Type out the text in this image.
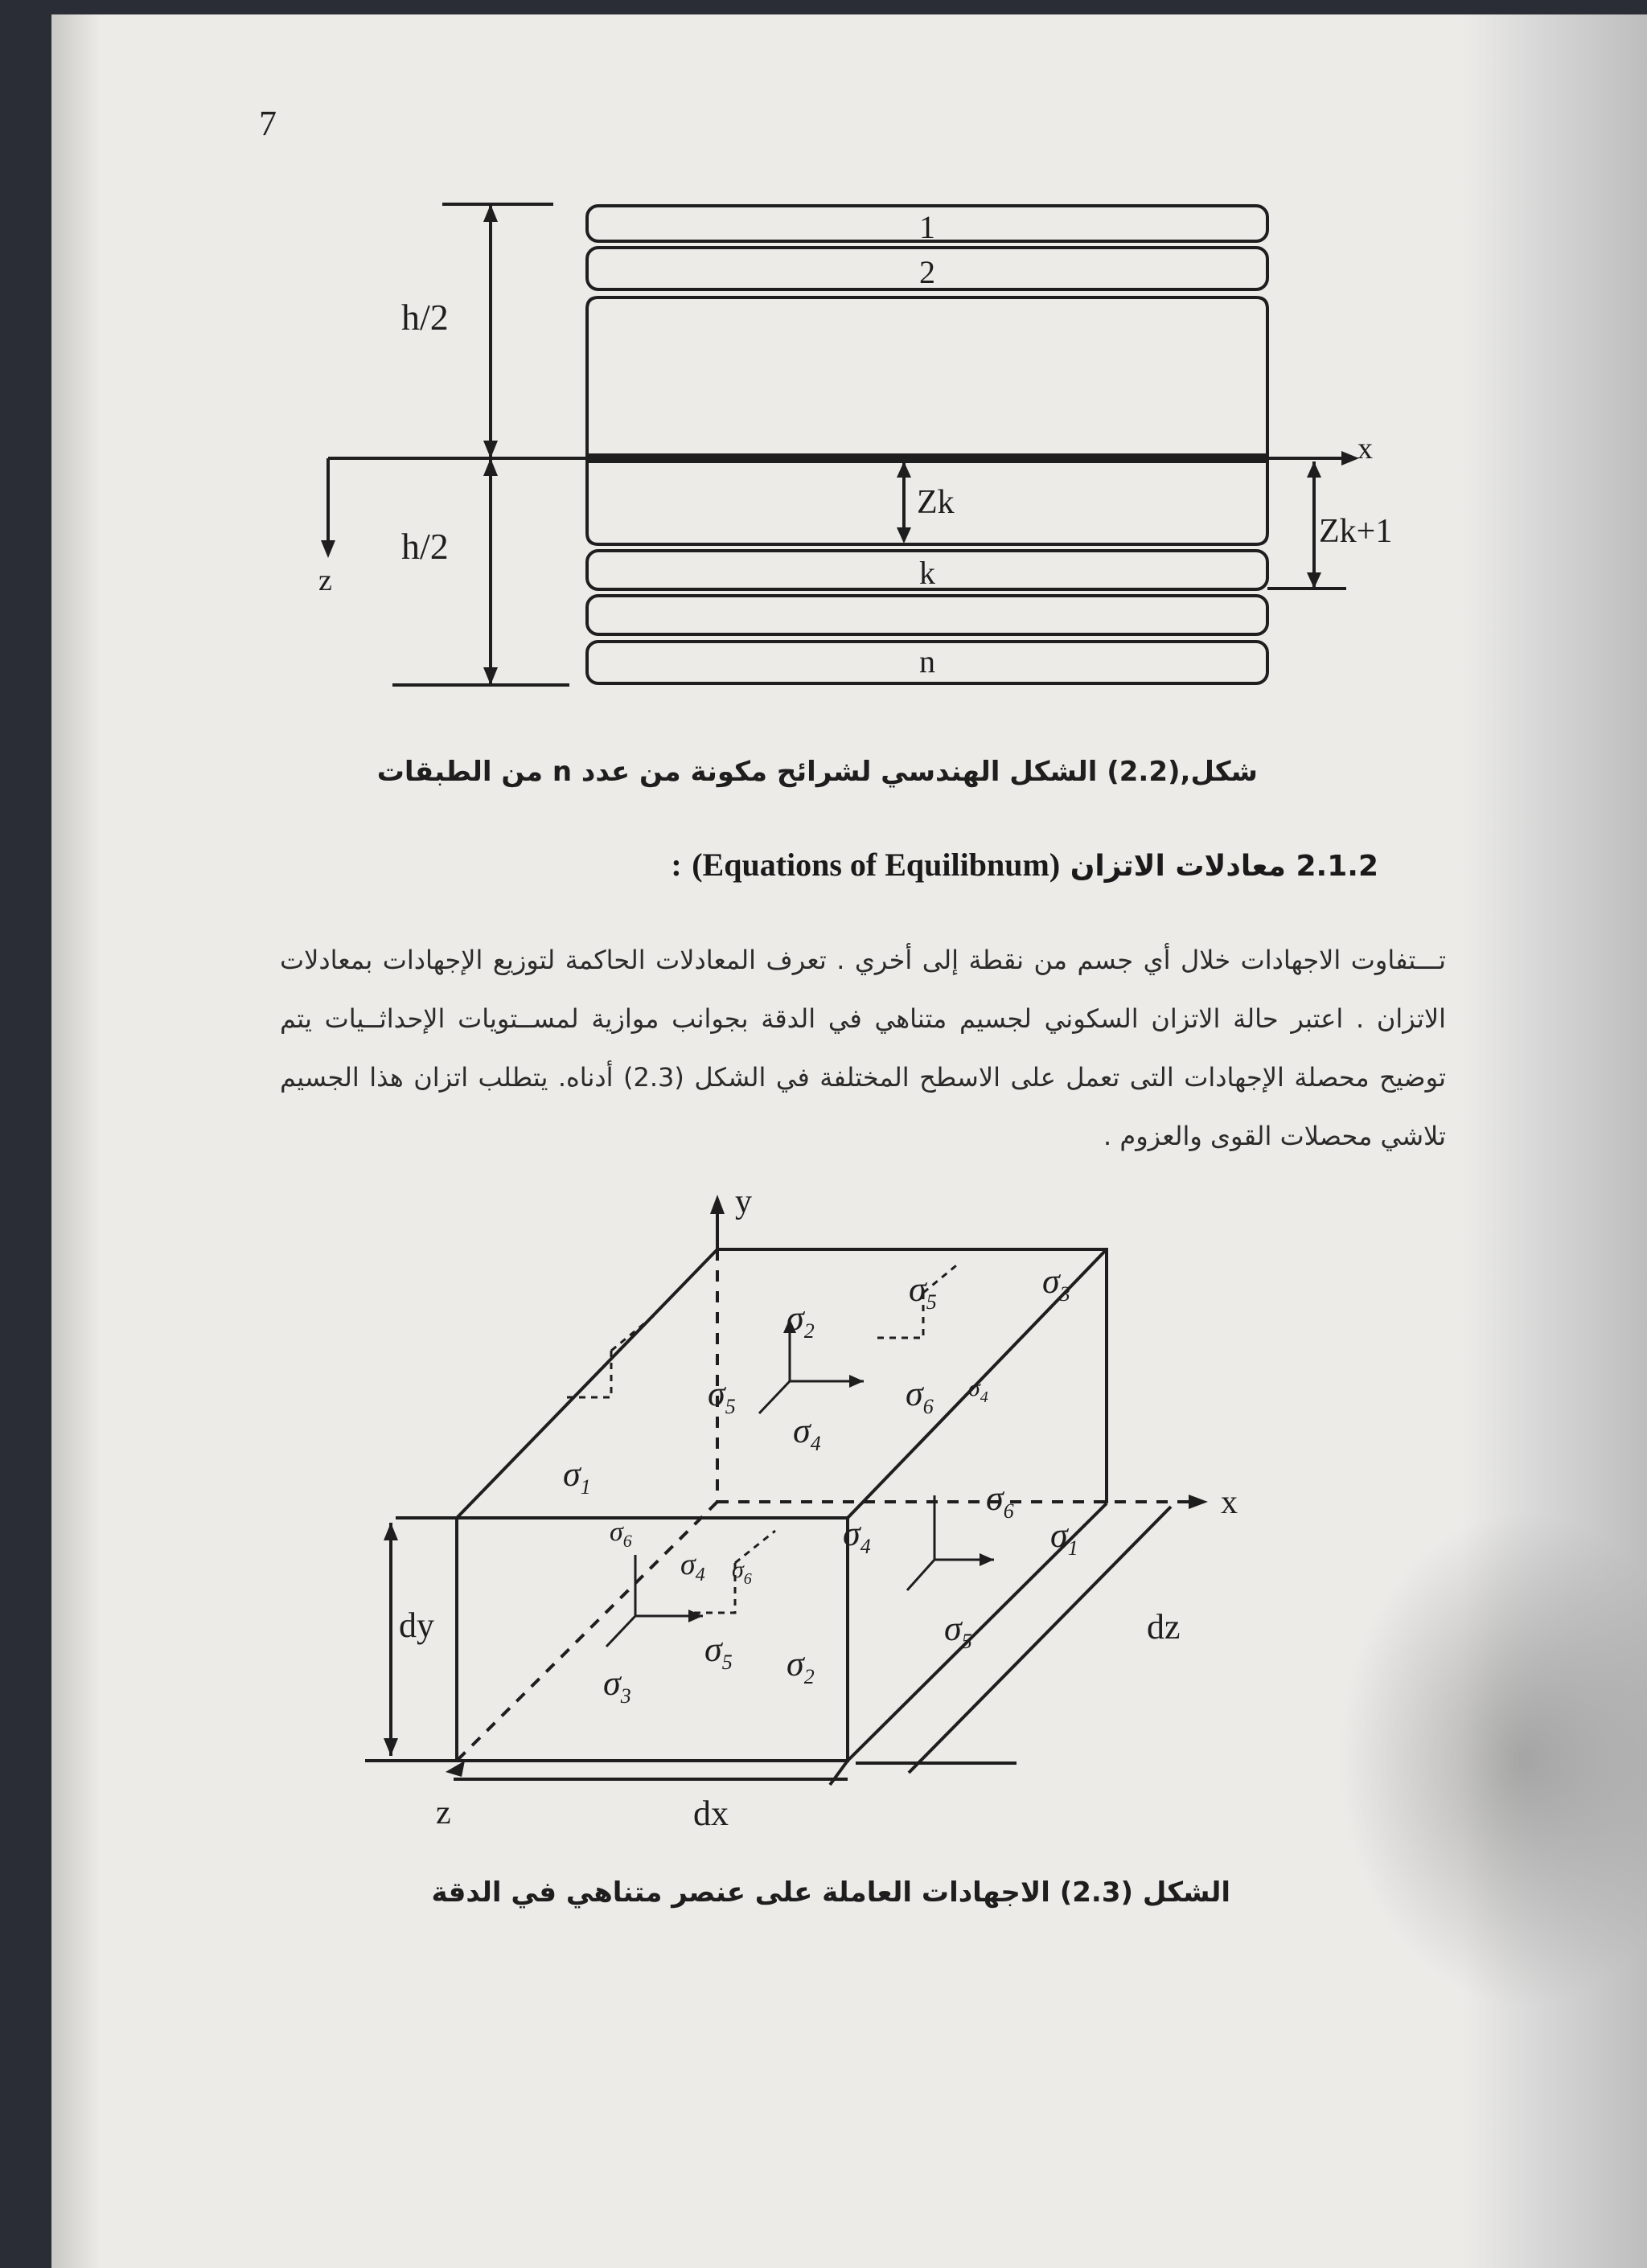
7
1
2
k
n
h/2
h/2
x
z
Zk
Zk+1
شكل,(2.2) الشكل الهندسي لشرائح مكونة من عدد n من الطبقات
2.1.2 معادلات الاتزان (Equations of Equilibnum) :
تـــتفاوت الاجهادات خلال أي جسم من نقطة إلى أخري . تعرف المعادلات الحاكمة لتوزيع الإجهادات بمعادلات الاتزان . اعتبر حالة الاتزان السكوني لجسيم متناهي في الدقة بجوانب موازية لمســتويات الإحداثــيات يتم توضيح محصلة الإجهادات التى تعمل على الاسطح المختلفة في الشكل (2.3) أدناه. يتطلب اتزان هذا الجسيم تلاشي محصلات القوى والعزوم .
y
x
z
dy
dx
dz
$\sigma_5$
$\sigma_3$
$\sigma_2$
$\sigma_6$
$\sigma_4$
$\sigma_5$
$\sigma_4$
$\sigma_1$	$\sigma_6$
$\sigma_1$
$\sigma_4$
$\sigma_6$
$\sigma_4$ $\sigma_6$
$\sigma_5$
$\sigma_5$ $\sigma_2$
$\sigma_3$
الشكل (2.3) الاجهادات العاملة على عنصر متناهي في الدقة
